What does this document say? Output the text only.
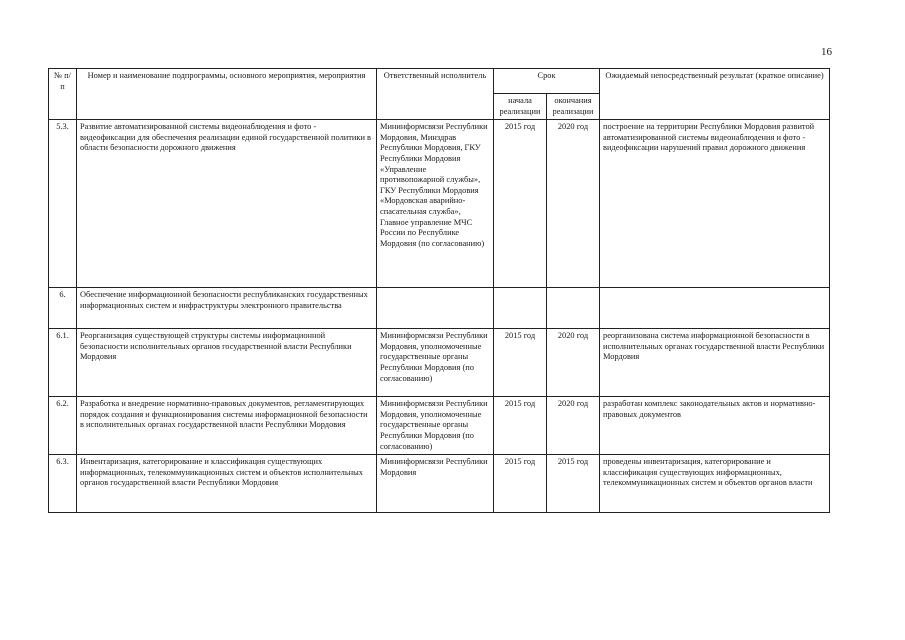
16
№ п/п	Номер и наименование подпрограммы, основного мероприятия, мероприятия	Ответственный исполнитель	Срок		Ожидаемый непосредственный результат (краткое описание)
			начала реализации	окончания реализации	
5.3.	Развитие автоматизированной системы видеонаблюдения и фото - видеофиксации для обеспечения реализации единой государственной политики в области безопасности дорожного движения	Мининформсвязи Республики Мордовия, Минздрав Республики Мордовия, ГКУ Республики Мордовия «Управление противопожарной службы», ГКУ Республики Мордовия «Мордовская аварийно-спасательная служба», Главное управление МЧС России по Республике Мордовия (по согласованию)	2015 год	2020 год	построение на территории Республики Мордовия развитой автоматизированной системы видеонаблюдения и фото - видеофиксации нарушений правил дорожного движения
6.	Обеспечение информационной безопасности республиканских государственных информационных систем и инфраструктуры электронного правительства				
6.1.	Реорганизация существующей структуры системы информационной безопасности исполнительных органов государственной власти Республики Мордовия	Мининформсвязи Республики Мордовия, уполномоченные государственные органы Республики Мордовия (по согласованию)	2015 год	2020 год	реорганизована система информационной безопасности в исполнительных органах государственной власти Республики Мордовия
6.2.	Разработка и внедрение нормативно-правовых документов, регламентирующих порядок создания и функционирования системы информационной безопасности в исполнительных органах государственной власти Республики Мордовия	Мининформсвязи Республики Мордовия, уполномоченные государственные органы Республики Мордовия (по согласованию)	2015 год	2020 год	разработан комплекс законодательных актов и нормативно-правовых документов
6.3.	Инвентаризация, категорирование и классификация существующих информационных, телекоммуникационных систем и объектов исполнительных органов государственной власти Республики Мордовия	Мининформсвязи Республики Мордовия	2015 год	2015 год	проведены инвентаризация, категорирование и классификация существующих информационных, телекоммуникационных систем и объектов органов власти
